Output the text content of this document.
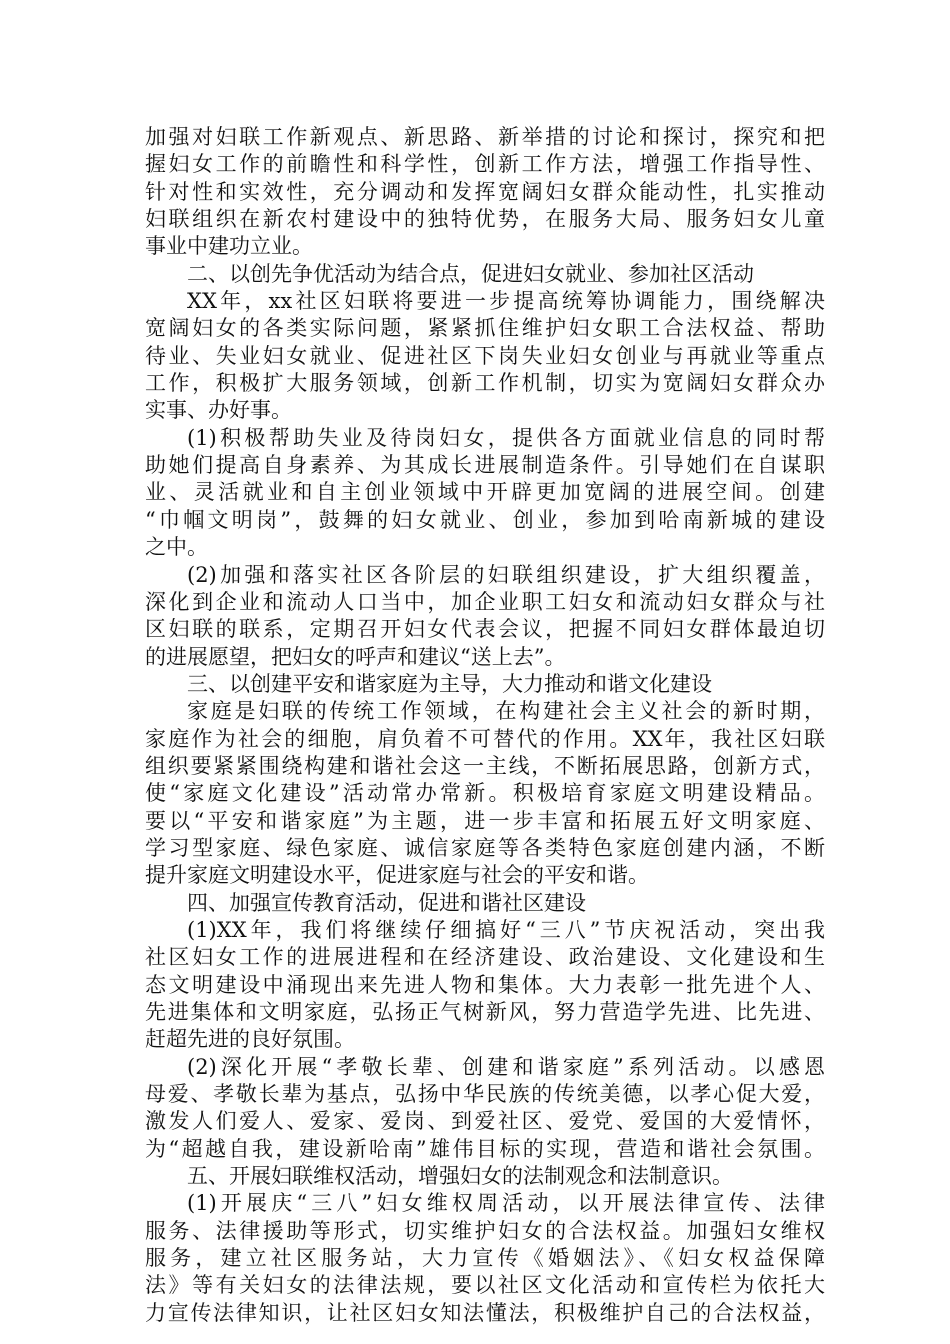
加强对妇联工作新观点、新思路、新举措的讨论和探讨，探究和把
握妇女工作的前瞻性和科学性，创新工作方法，增强工作指导性、
针对性和实效性，充分调动和发挥宽阔妇女群众能动性，扎实推动
妇联组织在新农村建设中的独特优势，在服务大局、服务妇女儿童
事业中建功立业。
二、以创先争优活动为结合点，促进妇女就业、参加社区活动
XX年，xx社区妇联将要进一步提高统筹协调能力，围绕解决
宽阔妇女的各类实际问题，紧紧抓住维护妇女职工合法权益、帮助
待业、失业妇女就业、促进社区下岗失业妇女创业与再就业等重点
工作，积极扩大服务领域，创新工作机制，切实为宽阔妇女群众办
实事、办好事。
(1)积极帮助失业及待岗妇女，提供各方面就业信息的同时帮
助她们提高自身素养、为其成长进展制造条件。引导她们在自谋职
业、灵活就业和自主创业领域中开辟更加宽阔的进展空间。创建
“巾帼文明岗”，鼓舞的妇女就业、创业，参加到哈南新城的建设
之中。
(2)加强和落实社区各阶层的妇联组织建设，扩大组织覆盖，
深化到企业和流动人口当中，加企业职工妇女和流动妇女群众与社
区妇联的联系，定期召开妇女代表会议，把握不同妇女群体最迫切
的进展愿望，把妇女的呼声和建议“送上去”。
三、以创建平安和谐家庭为主导，大力推动和谐文化建设
家庭是妇联的传统工作领域，在构建社会主义社会的新时期，
家庭作为社会的细胞，肩负着不可替代的作用。XX年，我社区妇联
组织要紧紧围绕构建和谐社会这一主线，不断拓展思路，创新方式，
使“家庭文化建设”活动常办常新。积极培育家庭文明建设精品。
要以“平安和谐家庭”为主题，进一步丰富和拓展五好文明家庭、
学习型家庭、绿色家庭、诚信家庭等各类特色家庭创建内涵，不断
提升家庭文明建设水平，促进家庭与社会的平安和谐。
四、加强宣传教育活动，促进和谐社区建设
(1)XX年，我们将继续仔细搞好“三八”节庆祝活动，突出我
社区妇女工作的进展进程和在经济建设、政治建设、文化建设和生
态文明建设中涌现出来先进人物和集体。大力表彰一批先进个人、
先进集体和文明家庭，弘扬正气树新风，努力营造学先进、比先进、
赶超先进的良好氛围。
(2)深化开展“孝敬长辈、创建和谐家庭”系列活动。以感恩
母爱、孝敬长辈为基点，弘扬中华民族的传统美德，以孝心促大爱，
激发人们爱人、爱家、爱岗、到爱社区、爱党、爱国的大爱情怀，
为“超越自我，建设新哈南”雄伟目标的实现，营造和谐社会氛围。
五、开展妇联维权活动，增强妇女的法制观念和法制意识。
(1)开展庆“三八”妇女维权周活动，以开展法律宣传、法律
服务、法律援助等形式，切实维护妇女的合法权益。加强妇女维权
服务，建立社区服务站，大力宣传《婚姻法》、《妇女权益保障
法》等有关妇女的法律法规，要以社区文化活动和宣传栏为依托大
力宣传法律知识，让社区妇女知法懂法，积极维护自己的合法权益，
